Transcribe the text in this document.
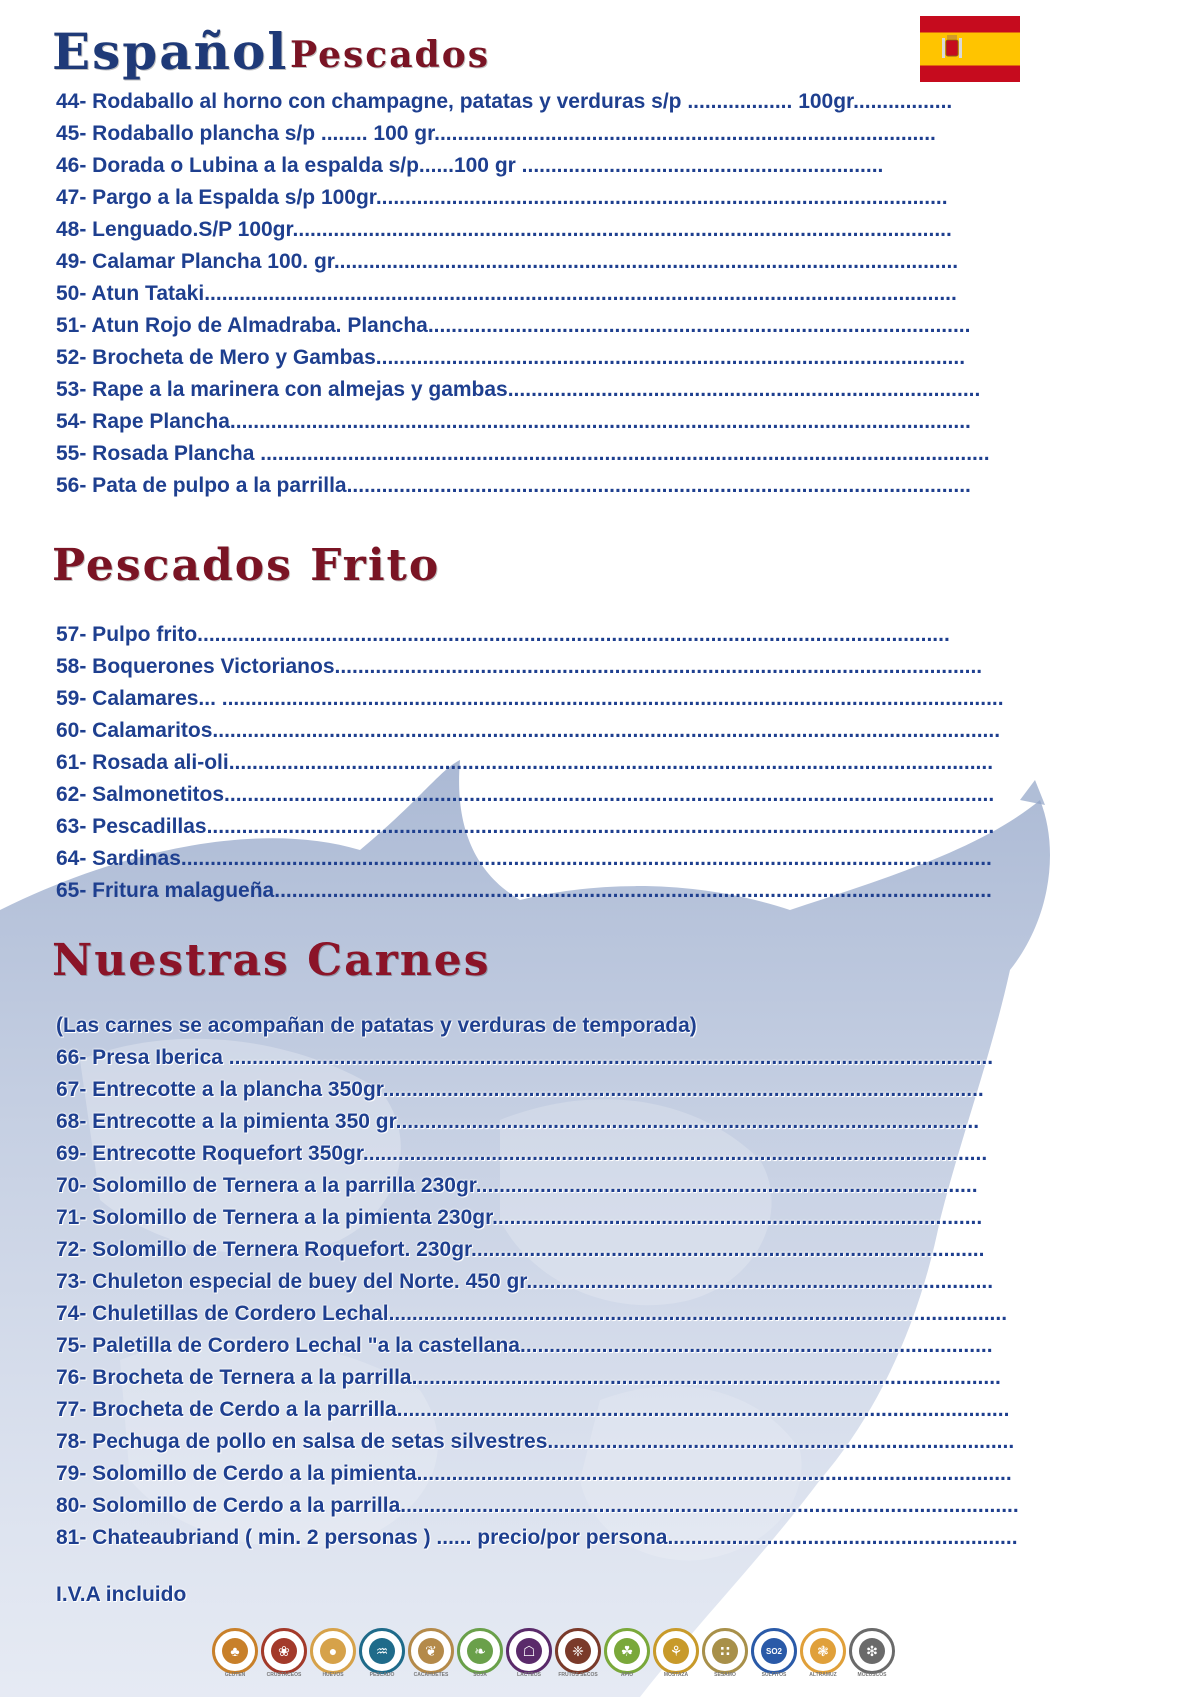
Español Pescados
44- Rodaballo al horno con champagne, patatas y verduras s/p .................. 100gr.................
45- Rodaballo plancha s/p ........ 100 gr......................................................................................
46- Dorada o Lubina a la espalda s/p......100 gr ..............................................................
47- Pargo a la Espalda s/p 100gr..................................................................................................
48- Lenguado.S/P 100gr.................................................................................................................
49- Calamar Plancha 100. gr...........................................................................................................
50- Atun Tataki.................................................................................................................................
51- Atun Rojo de Almadraba. Plancha.............................................................................................
52- Brocheta de Mero y Gambas.....................................................................................................
53- Rape a la marinera con almejas y gambas.................................................................................
54- Rape Plancha...............................................................................................................................
55- Rosada Plancha .............................................................................................................................
56- Pata de pulpo a la parrilla...........................................................................................................
Pescados Frito
57- Pulpo frito.................................................................................................................................
58- Boquerones Victorianos...............................................................................................................
59- Calamares... ......................................................................................................................................
60- Calamaritos.......................................................................................................................................
61- Rosada ali-oli...................................................................................................................................
62- Salmonetitos....................................................................................................................................
63- Pescadillas.......................................................................................................................................
64- Sardinas...........................................................................................................................................
65- Fritura malagueña...........................................................................................................................
Nuestras Carnes
(Las carnes se acompañan de patatas y verduras de temporada)
66- Presa Iberica ...................................................................................................................................
67- Entrecotte a la plancha 350gr.......................................................................................................
68- Entrecotte a la pimienta 350 gr....................................................................................................
69- Entrecotte Roquefort 350gr...........................................................................................................
70- Solomillo de Ternera a la parrilla 230gr......................................................................................
71- Solomillo de Ternera a la pimienta 230gr....................................................................................
72- Solomillo de Ternera Roquefort. 230gr........................................................................................
73- Chuleton especial de buey del Norte. 450 gr................................................................................
74- Chuletillas de Cordero Lechal..........................................................................................................
75- Paletilla de Cordero Lechal "a la castellana.................................................................................
76- Brocheta de Ternera a la parrilla.....................................................................................................
77- Brocheta de Cerdo a la parrilla.........................................................................................................
78- Pechuga de pollo en salsa de setas silvestres................................................................................
79- Solomillo de Cerdo a la pimienta......................................................................................................
80- Solomillo de Cerdo a la parrilla..........................................................................................................
81- Chateaubriand ( min. 2 personas ) ...... precio/por persona............................................................
I.V.A incluido
♣
GLUTEN
❀
CRUSTACEOS
●
HUEVOS
♒
PESCADO
❦
CACAHUETES
❧
SOJA
☖
LACTEOS
❈
FRUTOS SECOS
☘
APIO
⚘
MOSTAZA
∷
SESAMO
SO2
SULFITOS
❃
ALTRAMUZ
❇
MOLUSCOS
